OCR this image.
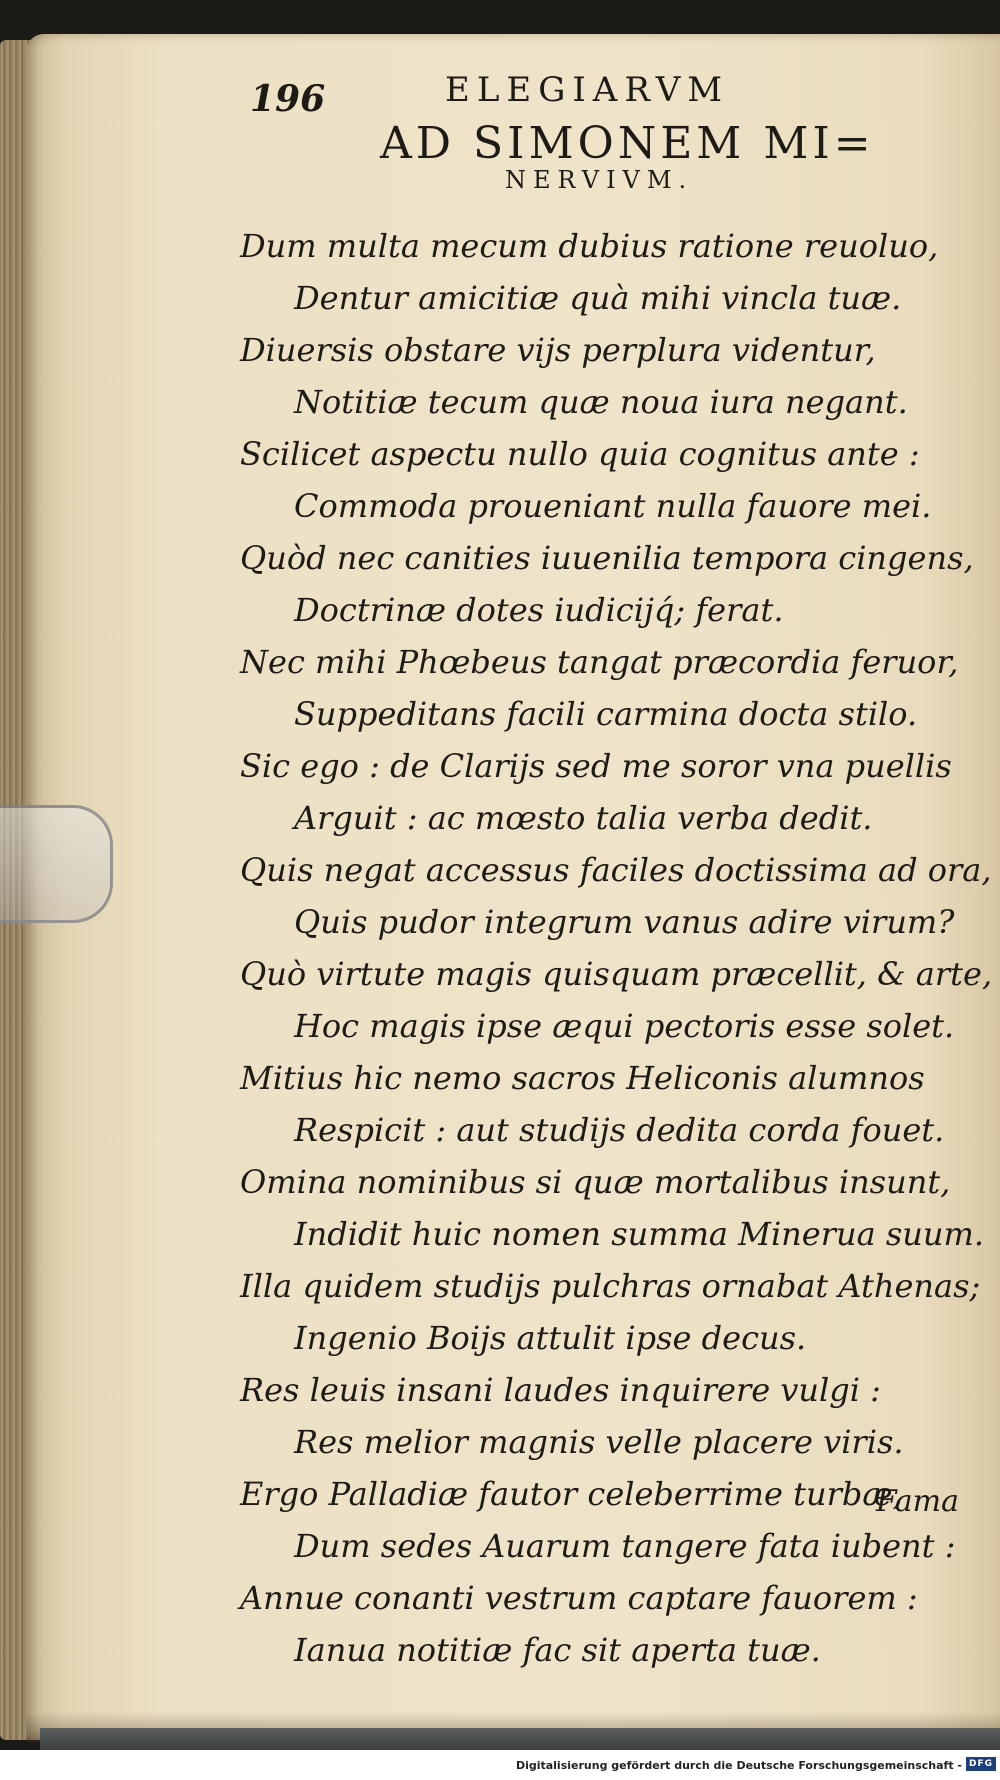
196	ELEGIARVM
AD SIMONEM MI=
NERVIVM.
Dum multa mecum dubius ratione reuoluo,
Dentur amicitiæ quà mihi vincla tuæ.
Diuersis obstare vijs perplura videntur,
Notitiæ tecum quæ noua iura negant.
Scilicet aspectu nullo quia cognitus ante :
Commoda proueniant nulla fauore mei.
Quòd nec canities iuuenilia tempora cingens,
Doctrinæ dotes iudicijq́; ferat.
Nec mihi Phœbeus tangat præcordia feruor,
Suppeditans facili carmina docta stilo.
Sic ego : de Clarijs sed me soror vna puellis
Arguit : ac mœsto talia verba dedit.
Quis negat accessus faciles doctissima ad ora,
Quis pudor integrum vanus adire virum?
Quò virtute magis quisquam præcellit, & arte,
Hoc magis ipse æqui pectoris esse solet.
Mitius hic nemo sacros Heliconis alumnos
Respicit : aut studijs dedita corda fouet.
Omina nominibus si quæ mortalibus insunt,
Indidit huic nomen summa Minerua suum.
Illa quidem studijs pulchras ornabat Athenas;
Ingenio Boijs attulit ipse decus.
Res leuis insani laudes inquirere vulgi :
Res melior magnis velle placere viris.
Ergo Palladiæ fautor celeberrime turbæ,
Dum sedes Auarum tangere fata iubent :
Annue conanti vestrum captare fauorem :
Ianua notitiæ fac sit aperta tuæ.
Fama
Digitalisierung gefördert durch die Deutsche Forschungsgemeinschaft - DFG
